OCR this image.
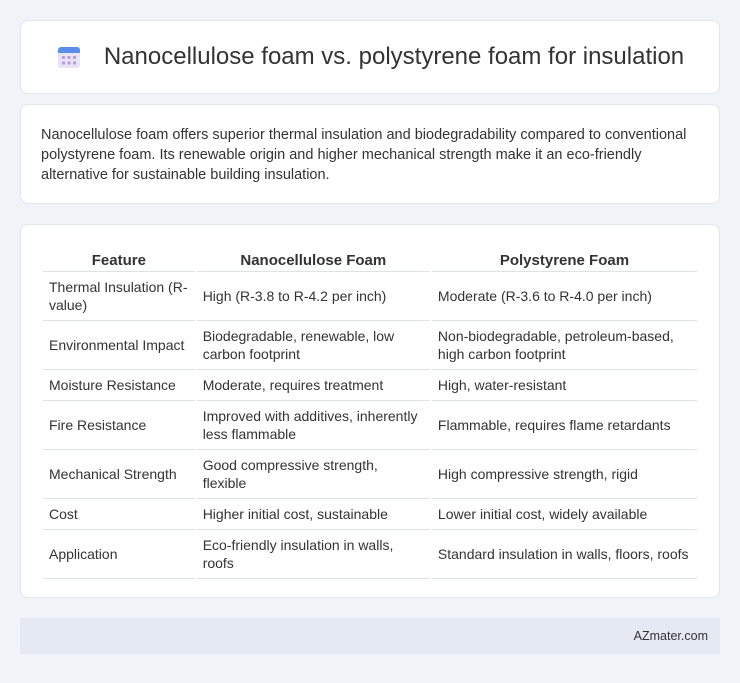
Nanocellulose foam vs. polystyrene foam for insulation

Nanocellulose foam offers superior thermal insulation and biodegradability compared to conventional polystyrene foam. Its renewable origin and higher mechanical strength make it an eco-friendly alternative for sustainable building insulation.

Feature	Nanocellulose Foam	Polystyrene Foam
Thermal Insulation (R-value)	High (R-3.8 to R-4.2 per inch)	Moderate (R-3.6 to R-4.0 per inch)
Environmental Impact	Biodegradable, renewable, low carbon footprint	Non-biodegradable, petroleum-based, high carbon footprint
Moisture Resistance	Moderate, requires treatment	High, water-resistant
Fire Resistance	Improved with additives, inherently less flammable	Flammable, requires flame retardants
Mechanical Strength	Good compressive strength, flexible	High compressive strength, rigid
Cost	Higher initial cost, sustainable	Lower initial cost, widely available
Application	Eco-friendly insulation in walls, roofs	Standard insulation in walls, floors, roofs
AZmater.com
